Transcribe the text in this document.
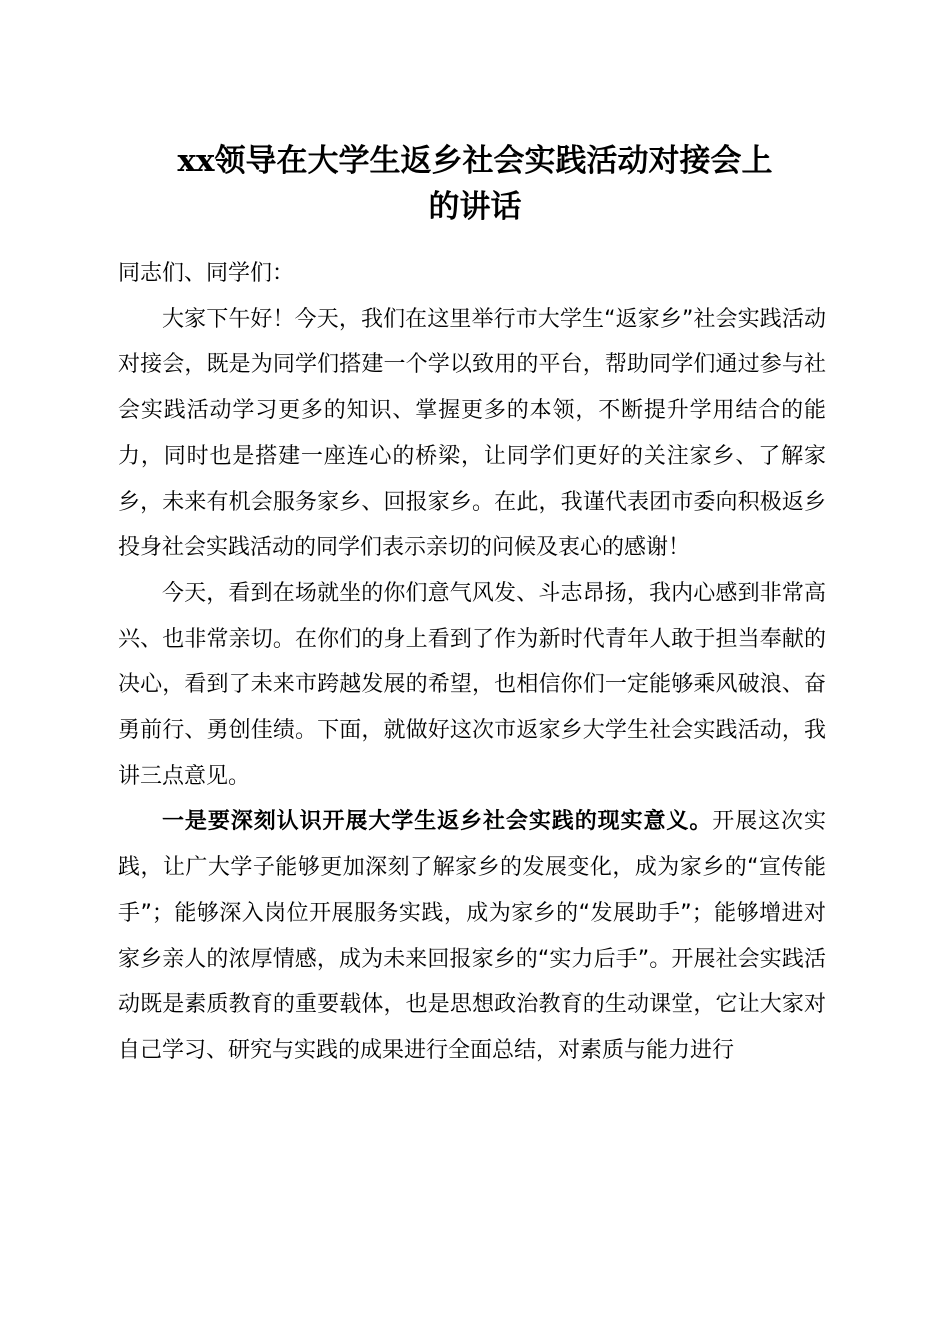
xx领导在大学生返乡社会实践活动对接会上
的讲话

同志们、同学们：

大家下午好！今天，我们在这里举行市大学生“返家乡”社会实践活动对接会，既是为同学们搭建一个学以致用的平台，帮助同学们通过参与社会实践活动学习更多的知识、掌握更多的本领，不断提升学用结合的能力，同时也是搭建一座连心的桥梁，让同学们更好的关注家乡、了解家乡，未来有机会服务家乡、回报家乡。在此，我谨代表团市委向积极返乡投身社会实践活动的同学们表示亲切的问候及衷心的感谢！

今天，看到在场就坐的你们意气风发、斗志昂扬，我内心感到非常高兴、也非常亲切。在你们的身上看到了作为新时代青年人敢于担当奉献的决心，看到了未来市跨越发展的希望，也相信你们一定能够乘风破浪、奋勇前行、勇创佳绩。下面，就做好这次市返家乡大学生社会实践活动，我讲三点意见。

一是要深刻认识开展大学生返乡社会实践的现实意义。开展这次实践，让广大学子能够更加深刻了解家乡的发展变化，成为家乡的“宣传能手”；能够深入岗位开展服务实践，成为家乡的“发展助手”；能够增进对家乡亲人的浓厚情感，成为未来回报家乡的“实力后手”。开展社会实践活动既是素质教育的重要载体，也是思想政治教育的生动课堂，它让大家对自己学习、研究与实践的成果进行全面总结，对素质与能力进行
